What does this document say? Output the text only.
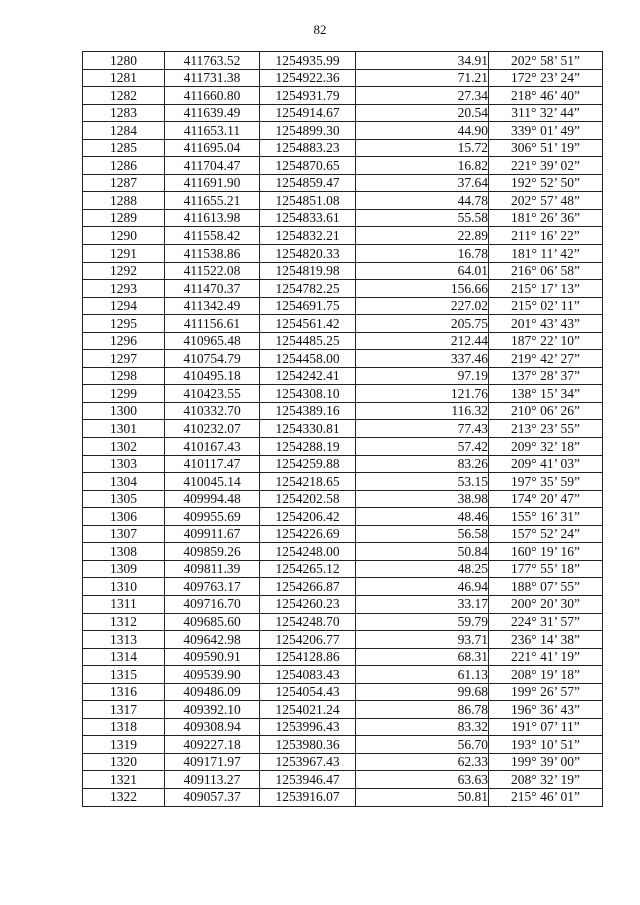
82
1280	411763.52	1254935.99	34.91	202° 58’ 51”
1281	411731.38	1254922.36	71.21	172° 23’ 24”
1282	411660.80	1254931.79	27.34	218° 46’ 40”
1283	411639.49	1254914.67	20.54	311° 32’ 44”
1284	411653.11	1254899.30	44.90	339° 01’ 49”
1285	411695.04	1254883.23	15.72	306° 51’ 19”
1286	411704.47	1254870.65	16.82	221° 39’ 02”
1287	411691.90	1254859.47	37.64	192° 52’ 50”
1288	411655.21	1254851.08	44.78	202° 57’ 48”
1289	411613.98	1254833.61	55.58	181° 26’ 36”
1290	411558.42	1254832.21	22.89	211° 16’ 22”
1291	411538.86	1254820.33	16.78	181° 11’ 42”
1292	411522.08	1254819.98	64.01	216° 06’ 58”
1293	411470.37	1254782.25	156.66	215° 17’ 13”
1294	411342.49	1254691.75	227.02	215° 02’ 11”
1295	411156.61	1254561.42	205.75	201° 43’ 43”
1296	410965.48	1254485.25	212.44	187° 22’ 10”
1297	410754.79	1254458.00	337.46	219° 42’ 27”
1298	410495.18	1254242.41	97.19	137° 28’ 37”
1299	410423.55	1254308.10	121.76	138° 15’ 34”
1300	410332.70	1254389.16	116.32	210° 06’ 26”
1301	410232.07	1254330.81	77.43	213° 23’ 55”
1302	410167.43	1254288.19	57.42	209° 32’ 18”
1303	410117.47	1254259.88	83.26	209° 41’ 03”
1304	410045.14	1254218.65	53.15	197° 35’ 59”
1305	409994.48	1254202.58	38.98	174° 20’ 47”
1306	409955.69	1254206.42	48.46	155° 16’ 31”
1307	409911.67	1254226.69	56.58	157° 52’ 24”
1308	409859.26	1254248.00	50.84	160° 19’ 16”
1309	409811.39	1254265.12	48.25	177° 55’ 18”
1310	409763.17	1254266.87	46.94	188° 07’ 55”
1311	409716.70	1254260.23	33.17	200° 20’ 30”
1312	409685.60	1254248.70	59.79	224° 31’ 57”
1313	409642.98	1254206.77	93.71	236° 14’ 38”
1314	409590.91	1254128.86	68.31	221° 41’ 19”
1315	409539.90	1254083.43	61.13	208° 19’ 18”
1316	409486.09	1254054.43	99.68	199° 26’ 57”
1317	409392.10	1254021.24	86.78	196° 36’ 43”
1318	409308.94	1253996.43	83.32	191° 07’ 11”
1319	409227.18	1253980.36	56.70	193° 10’ 51”
1320	409171.97	1253967.43	62.33	199° 39’ 00”
1321	409113.27	1253946.47	63.63	208° 32’ 19”
1322	409057.37	1253916.07	50.81	215° 46’ 01”
